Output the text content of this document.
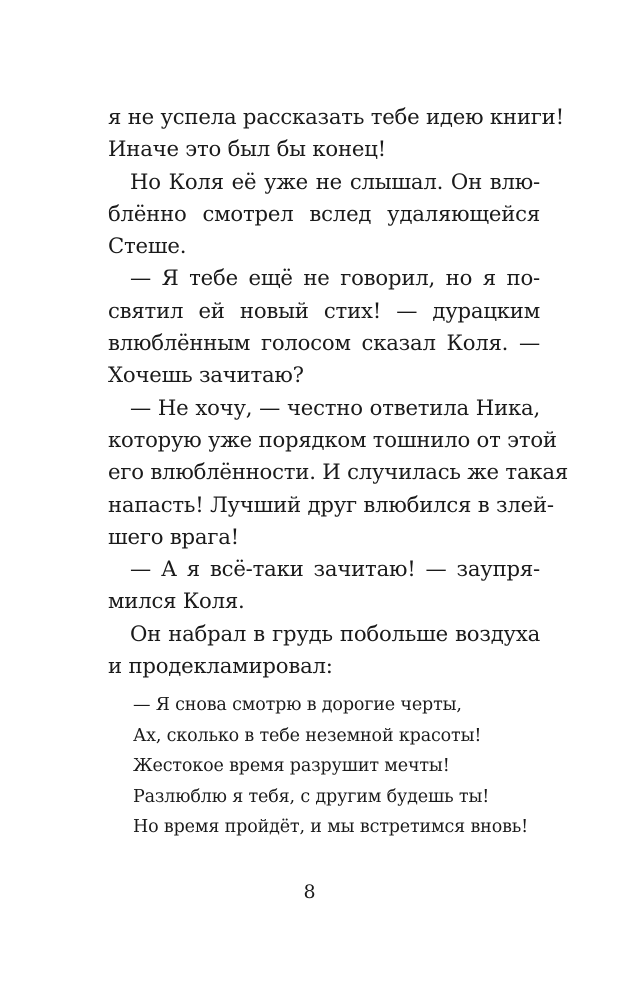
я не успела рассказать тебе идею книги!
Иначе это был бы конец!
Но Коля её уже не слышал. Он влю-
блённо смотрел вслед удаляющейся
Стеше.
— Я тебе ещё не говорил, но я по-
святил ей новый стих! — дурацким
влюблённым голосом сказал Коля. —
Хочешь зачитаю?
— Не хочу, — честно ответила Ника,
которую уже порядком тошнило от этой
его влюблённости. И случилась же такая
напасть! Лучший друг влюбился в злей-
шего врага!
— А я всё-таки зачитаю! — заупря-
мился Коля.
Он набрал в грудь побольше воздуха
и продекламировал:
— Я снова смотрю в дорогие черты,
Ах, сколько в тебе неземной красоты!
Жестокое время разрушит мечты!
Разлюблю я тебя, с другим будешь ты!
Но время пройдёт, и мы встретимся вновь!
8
